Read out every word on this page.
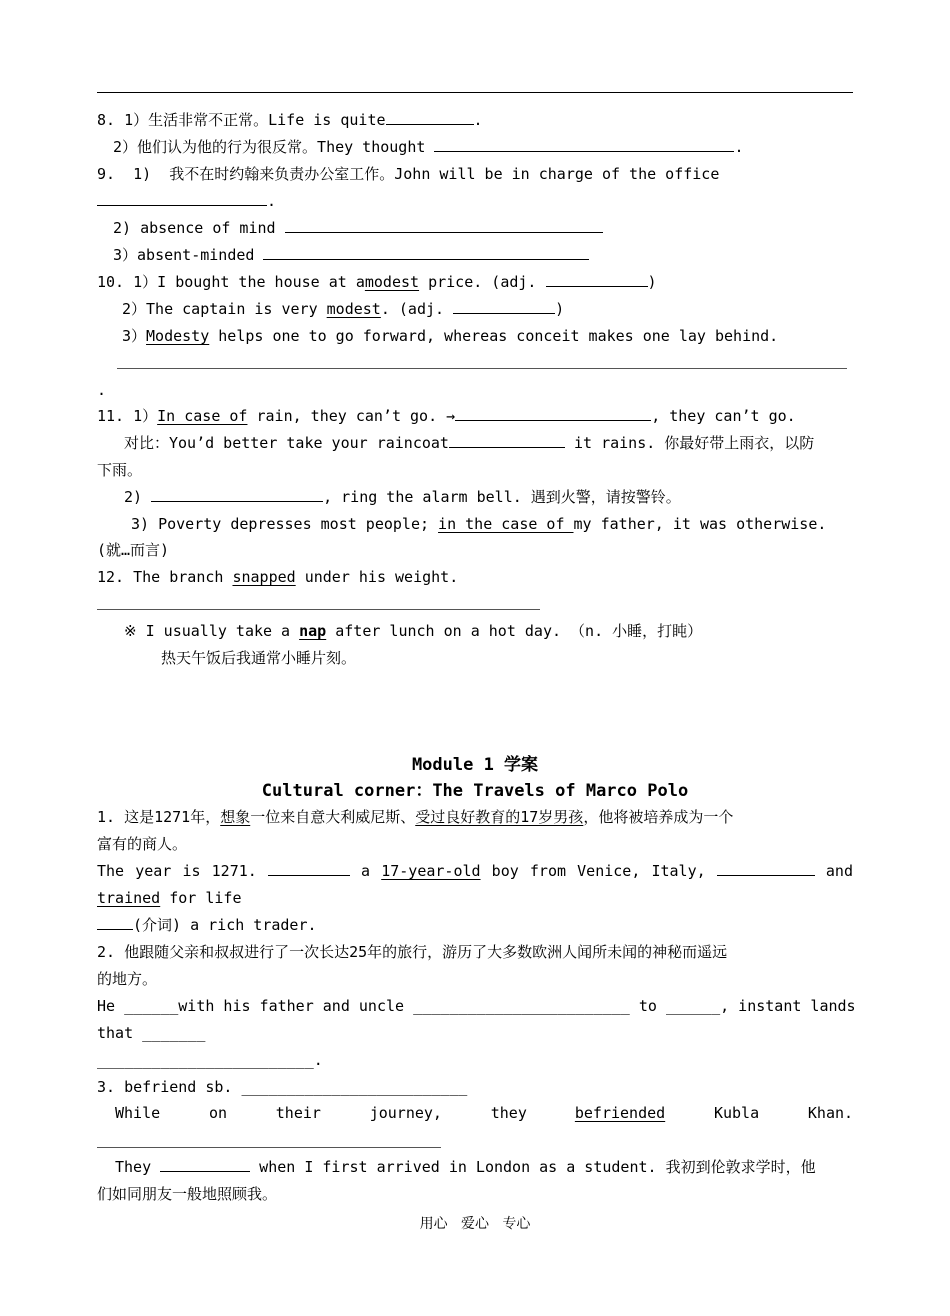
8. 1）生活非常不正常。Life is quite	.
2）他们认为他的行为很反常。They thought	.
9.  1)  我不在时约翰来负责办公室工作。John will be in charge of the office
.
2) absence of mind
3）absent-minded
10. 1）I bought the house at amodest price. (adj.	)
2）The captain is very modest. (adj.	)
3）Modesty helps one to go forward, whereas conceit makes one lay behind.
.
11. 1）In case of rain, they can’t go. →	, they can’t go.
对比：You’d better take your raincoat	it rains. 你最好带上雨衣，以防
下雨。
2)	, ring the alarm bell. 遇到火警，请按警铃。
3) Poverty depresses most people; in the case of my father, it was otherwise.
(就…而言)
12. The branch snapped under his weight.
※ I usually take a nap after lunch on a hot day. （n. 小睡，打盹）
热天午饭后我通常小睡片刻。
Module 1 学案
Cultural corner：The Travels of Marco Polo
1. 这是1271年，想象一位来自意大利威尼斯、受过良好教育的17岁男孩，他将被培养成为一个
富有的商人。
The year is 1271.	a 17-year-old boy from Venice, Italy,	and
trained for life
(介词) a rich trader.
2. 他跟随父亲和叔叔进行了一次长达25年的旅行，游历了大多数欧洲人闻所未闻的神秘而遥远
的地方。
He ______with his father and uncle ________________________ to ______, instant lands
that _______
________________________.
3. befriend sb. _________________________
While	on	their	journey,	they	befriended	Kubla	Khan.
They	when I first arrived in London as a student. 我初到伦敦求学时，他
们如同朋友一般地照顾我。
用心   爱心   专心
